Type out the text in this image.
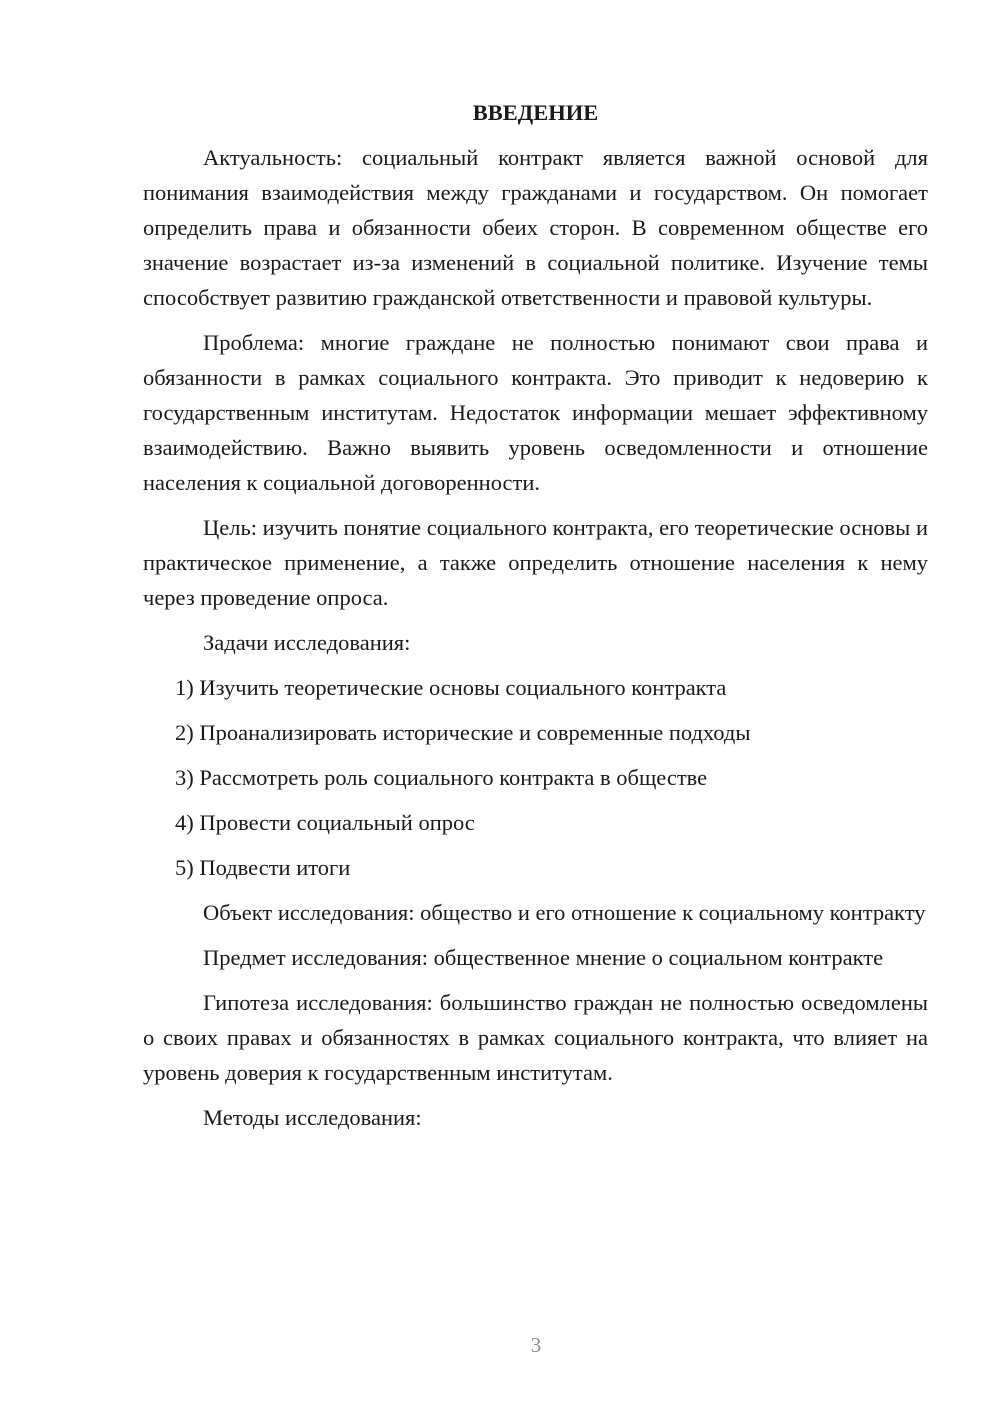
ВВЕДЕНИЕ

Актуальность: социальный контракт является важной основой для понимания взаимодействия между гражданами и государством. Он помогает определить права и обязанности обеих сторон. В современном обществе его значение возрастает из-за изменений в социальной политике. Изучение темы способствует развитию гражданской ответственности и правовой культуры.

Проблема: многие граждане не полностью понимают свои права и обязанности в рамках социального контракта. Это приводит к недоверию к государственным институтам. Недостаток информации мешает эффективному взаимодействию. Важно выявить уровень осведомленности и отношение населения к социальной договоренности.

Цель: изучить понятие социального контракта, его теоретические основы и практическое применение, а также определить отношение населения к нему через проведение опроса.

Задачи исследования:

1) Изучить теоретические основы социального контракта
2) Проанализировать исторические и современные подходы
3) Рассмотреть роль социального контракта в обществе
4) Провести социальный опрос
5) Подвести итоги

Объект исследования: общество и его отношение к социальному контракту

Предмет исследования: общественное мнение о социальном контракте

Гипотеза исследования: большинство граждан не полностью осведомлены о своих правах и обязанностях в рамках социального контракта, что влияет на уровень доверия к государственным институтам.

Методы исследования:

3
